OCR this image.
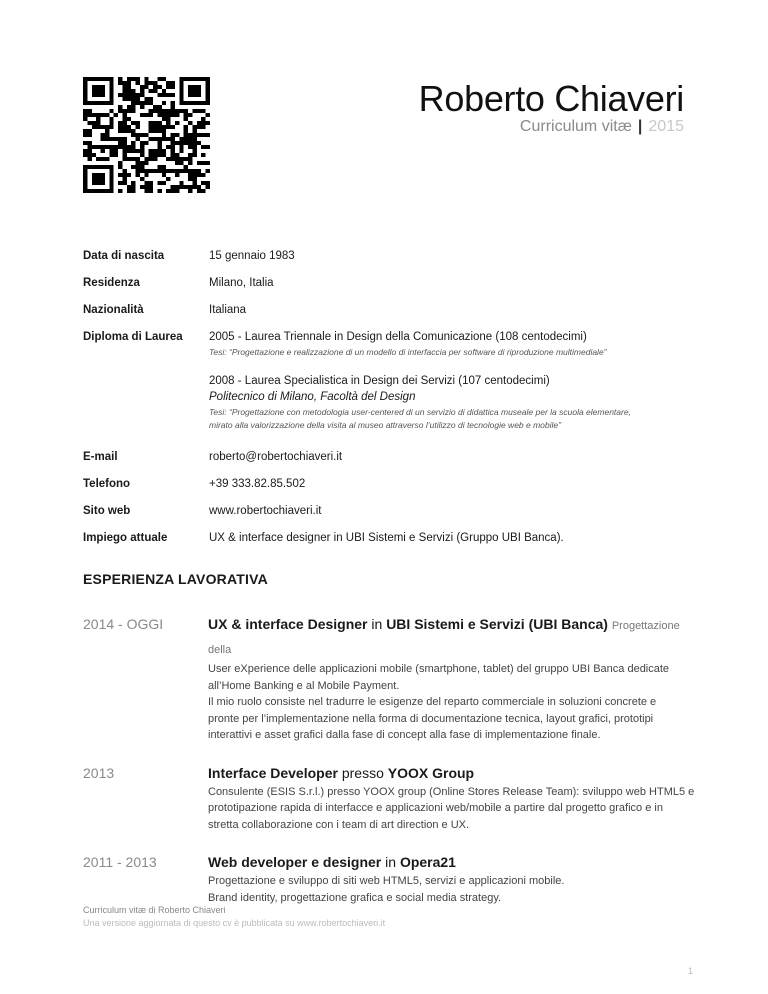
Roberto Chiaveri
Curriculum vitæ | 2015
Data di nascita	15 gennaio 1983
Residenza	Milano, Italia
Nazionalità	Italiana
Diploma di Laurea	2005 - Laurea Triennale in Design della Comunicazione (108 centodecimi)
Tesi: “Progettazione e realizzazione di un modello di interfaccia per software di riproduzione multimediale”
2008 - Laurea Specialistica in Design dei Servizi (107 centodecimi)
Politecnico di Milano, Facoltà del Design
Tesi: “Progettazione con metodologia user-centered di un servizio di didattica museale per la scuola elementare,
mirato alla valorizzazione della visita al museo attraverso l’utilizzo di tecnologie web e mobile”
E-mail	roberto@robertochiaveri.it
Telefono	+39 333.82.85.502
Sito web	www.robertochiaveri.it
Impiego attuale	UX & interface designer in UBI Sistemi e Servizi (Gruppo UBI Banca).
ESPERIENZA LAVORATIVA
2014 - OGGI	UX & interface Designer in UBI Sistemi e Servizi (UBI Banca) Progettazione della
User eXperience delle applicazioni mobile (smartphone, tablet) del gruppo UBI Banca dedicate
all’Home Banking e al Mobile Payment.
Il mio ruolo consiste nel tradurre le esigenze del reparto commerciale in soluzioni concrete e
pronte per l’implementazione nella forma di documentazione tecnica, layout grafici, prototipi
interattivi e asset grafici dalla fase di concept alla fase di implementazione finale.
2013	Interface Developer presso YOOX Group
Consulente (ESIS S.r.l.) presso YOOX group (Online Stores Release Team): sviluppo web HTML5 e
prototipazione rapida di interfacce e applicazioni web/mobile a partire dal progetto grafico e in
stretta collaborazione con i team di art direction e UX.
2011 - 2013	Web developer e designer in Opera21
Progettazione e sviluppo di siti web HTML5, servizi e applicazioni mobile.
Brand identity, progettazione grafica e social media strategy.
Curriculum vitæ di Roberto Chiaveri
Una versione aggiornata di questo cv è pubblicata su www.robertochiaveri.it
1
